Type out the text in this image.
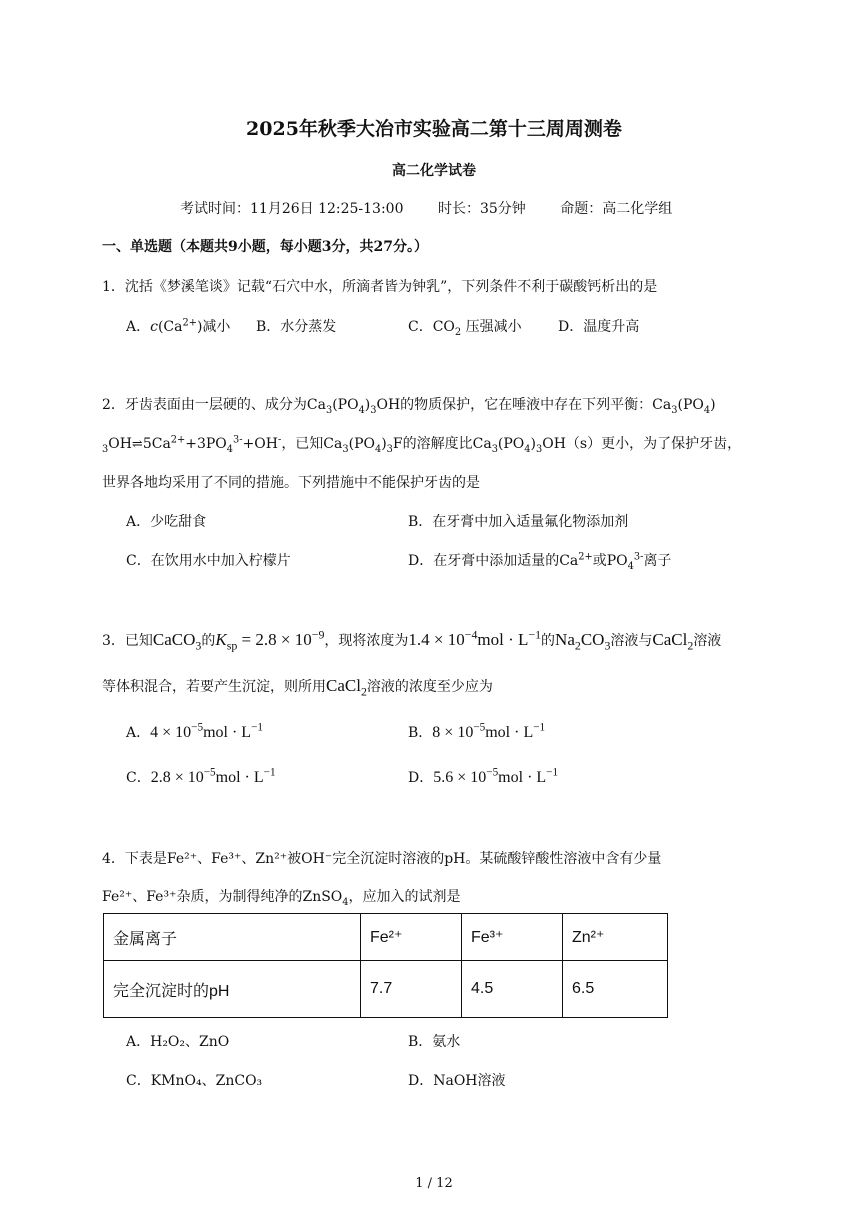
2025年秋季大冶市实验高二第十三周周测卷
高二化学试卷
考试时间：11月26日 12:25-13:00 时长：35分钟 命题：高二化学组
一、单选题（本题共9小题，每小题3分，共27分。）
1．沈括《梦溪笔谈》记载“石穴中水，所滴者皆为钟乳”，下列条件不利于碳酸钙析出的是
A．$c(Ca^{2+})$减小 B．水分蒸发	C．$CO_2$ 压强减小	D．温度升高
2．牙齿表面由一层硬的、成分为$Ca_3(PO_4)_3OH$的物质保护，它在唾液中存在下列平衡：$Ca_3(PO_4)$
$_3OH\rightleftharpoons 5Ca^{2+}+3PO_4^{3-}+OH^-$，已知$Ca_3(PO_4)_3F$的溶解度比$Ca_3(PO_4)_3OH(s)$更小，为了保护牙齿，
世界各地均采用了不同的措施。下列措施中不能保护牙齿的是
A．少吃甜食	B．在牙膏中加入适量氟化物添加剂
C．在饮用水中加入柠檬片	D．在牙膏中添加适量的$Ca^{2+}$或$PO_4^{3-}$离子
3．已知CaCO$_3$的$K_{sp} = 2.8 \times 10^{-9}$，现将浓度为$1.4 \times 10^{-4}mol \cdot L^{-1}$的$Na_2CO_3$溶液与CaCl$_2$溶液
等体积混合，若要产生沉淀，则所用CaCl$_2$溶液的浓度至少应为
A．$4 \times 10^{-5}mol \cdot L^{-1}$	B．$8 \times 10^{-5}mol \cdot L^{-1}$
C．$2.8 \times 10^{-5}mol \cdot L^{-1}$	D．$5.6 \times 10^{-5}mol \cdot L^{-1}$
4．下表是Fe²⁺、Fe³⁺、Zn²⁺被OH⁻完全沉淀时溶液的pH。某硫酸锌酸性溶液中含有少量
Fe²⁺、Fe³⁺杂质，为制得纯净的ZnSO$_4$，应加入的试剂是
金属离子	Fe²⁺	Fe³⁺	Zn²⁺
完全沉淀时的pH	7.7	4.5	6.5
A．H₂O₂、ZnO	B．氨水
C．KMnO₄、ZnCO₃	D．NaOH溶液
1 / 12
